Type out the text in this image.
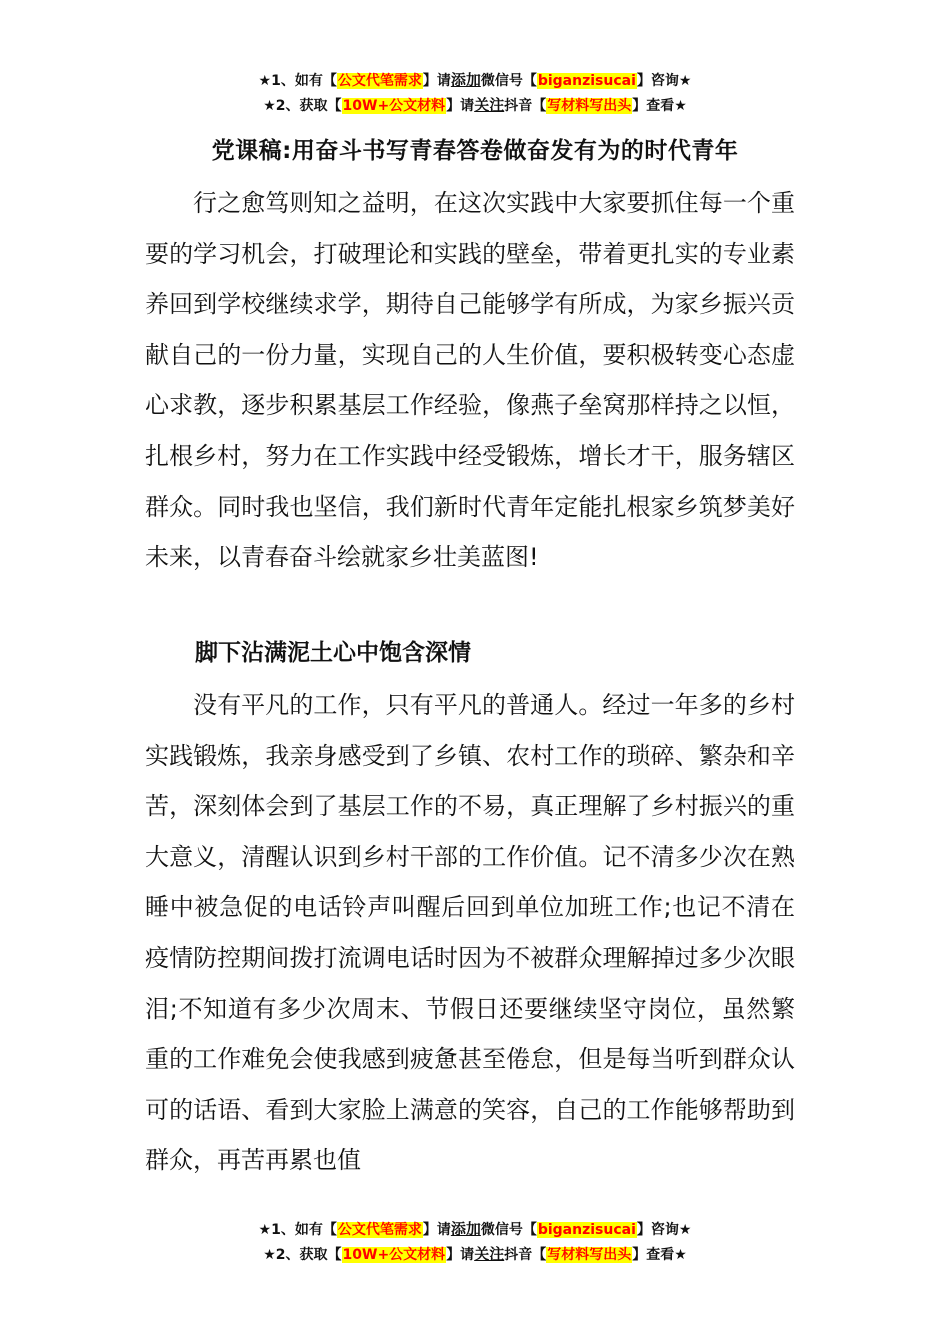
★1、如有【公文代笔需求】请添加微信号【biganzisucai】咨询★
★2、获取【10W+公文材料】请关注抖音【写材料写出头】查看★
党课稿:用奋斗书写青春答卷做奋发有为的时代青年

行之愈笃则知之益明，在这次实践中大家要抓住每一个重要的学习机会，打破理论和实践的壁垒，带着更扎实的专业素养回到学校继续求学，期待自己能够学有所成，为家乡振兴贡献自己的一份力量，实现自己的人生价值，要积极转变心态虚心求教，逐步积累基层工作经验，像燕子垒窝那样持之以恒，扎根乡村，努力在工作实践中经受锻炼，增长才干，服务辖区群众。同时我也坚信，我们新时代青年定能扎根家乡筑梦美好未来，以青春奋斗绘就家乡壮美蓝图!

脚下沾满泥土心中饱含深情

没有平凡的工作，只有平凡的普通人。经过一年多的乡村实践锻炼，我亲身感受到了乡镇、农村工作的琐碎、繁杂和辛苦，深刻体会到了基层工作的不易，真正理解了乡村振兴的重大意义，清醒认识到乡村干部的工作价值。记不清多少次在熟睡中被急促的电话铃声叫醒后回到单位加班工作;也记不清在疫情防控期间拨打流调电话时因为不被群众理解掉过多少次眼泪;不知道有多少次周末、节假日还要继续坚守岗位，虽然繁重的工作难免会使我感到疲惫甚至倦怠，但是每当听到群众认可的话语、看到大家脸上满意的笑容，自己的工作能够帮助到群众，再苦再累也值

★1、如有【公文代笔需求】请添加微信号【biganzisucai】咨询★
★2、获取【10W+公文材料】请关注抖音【写材料写出头】查看★
